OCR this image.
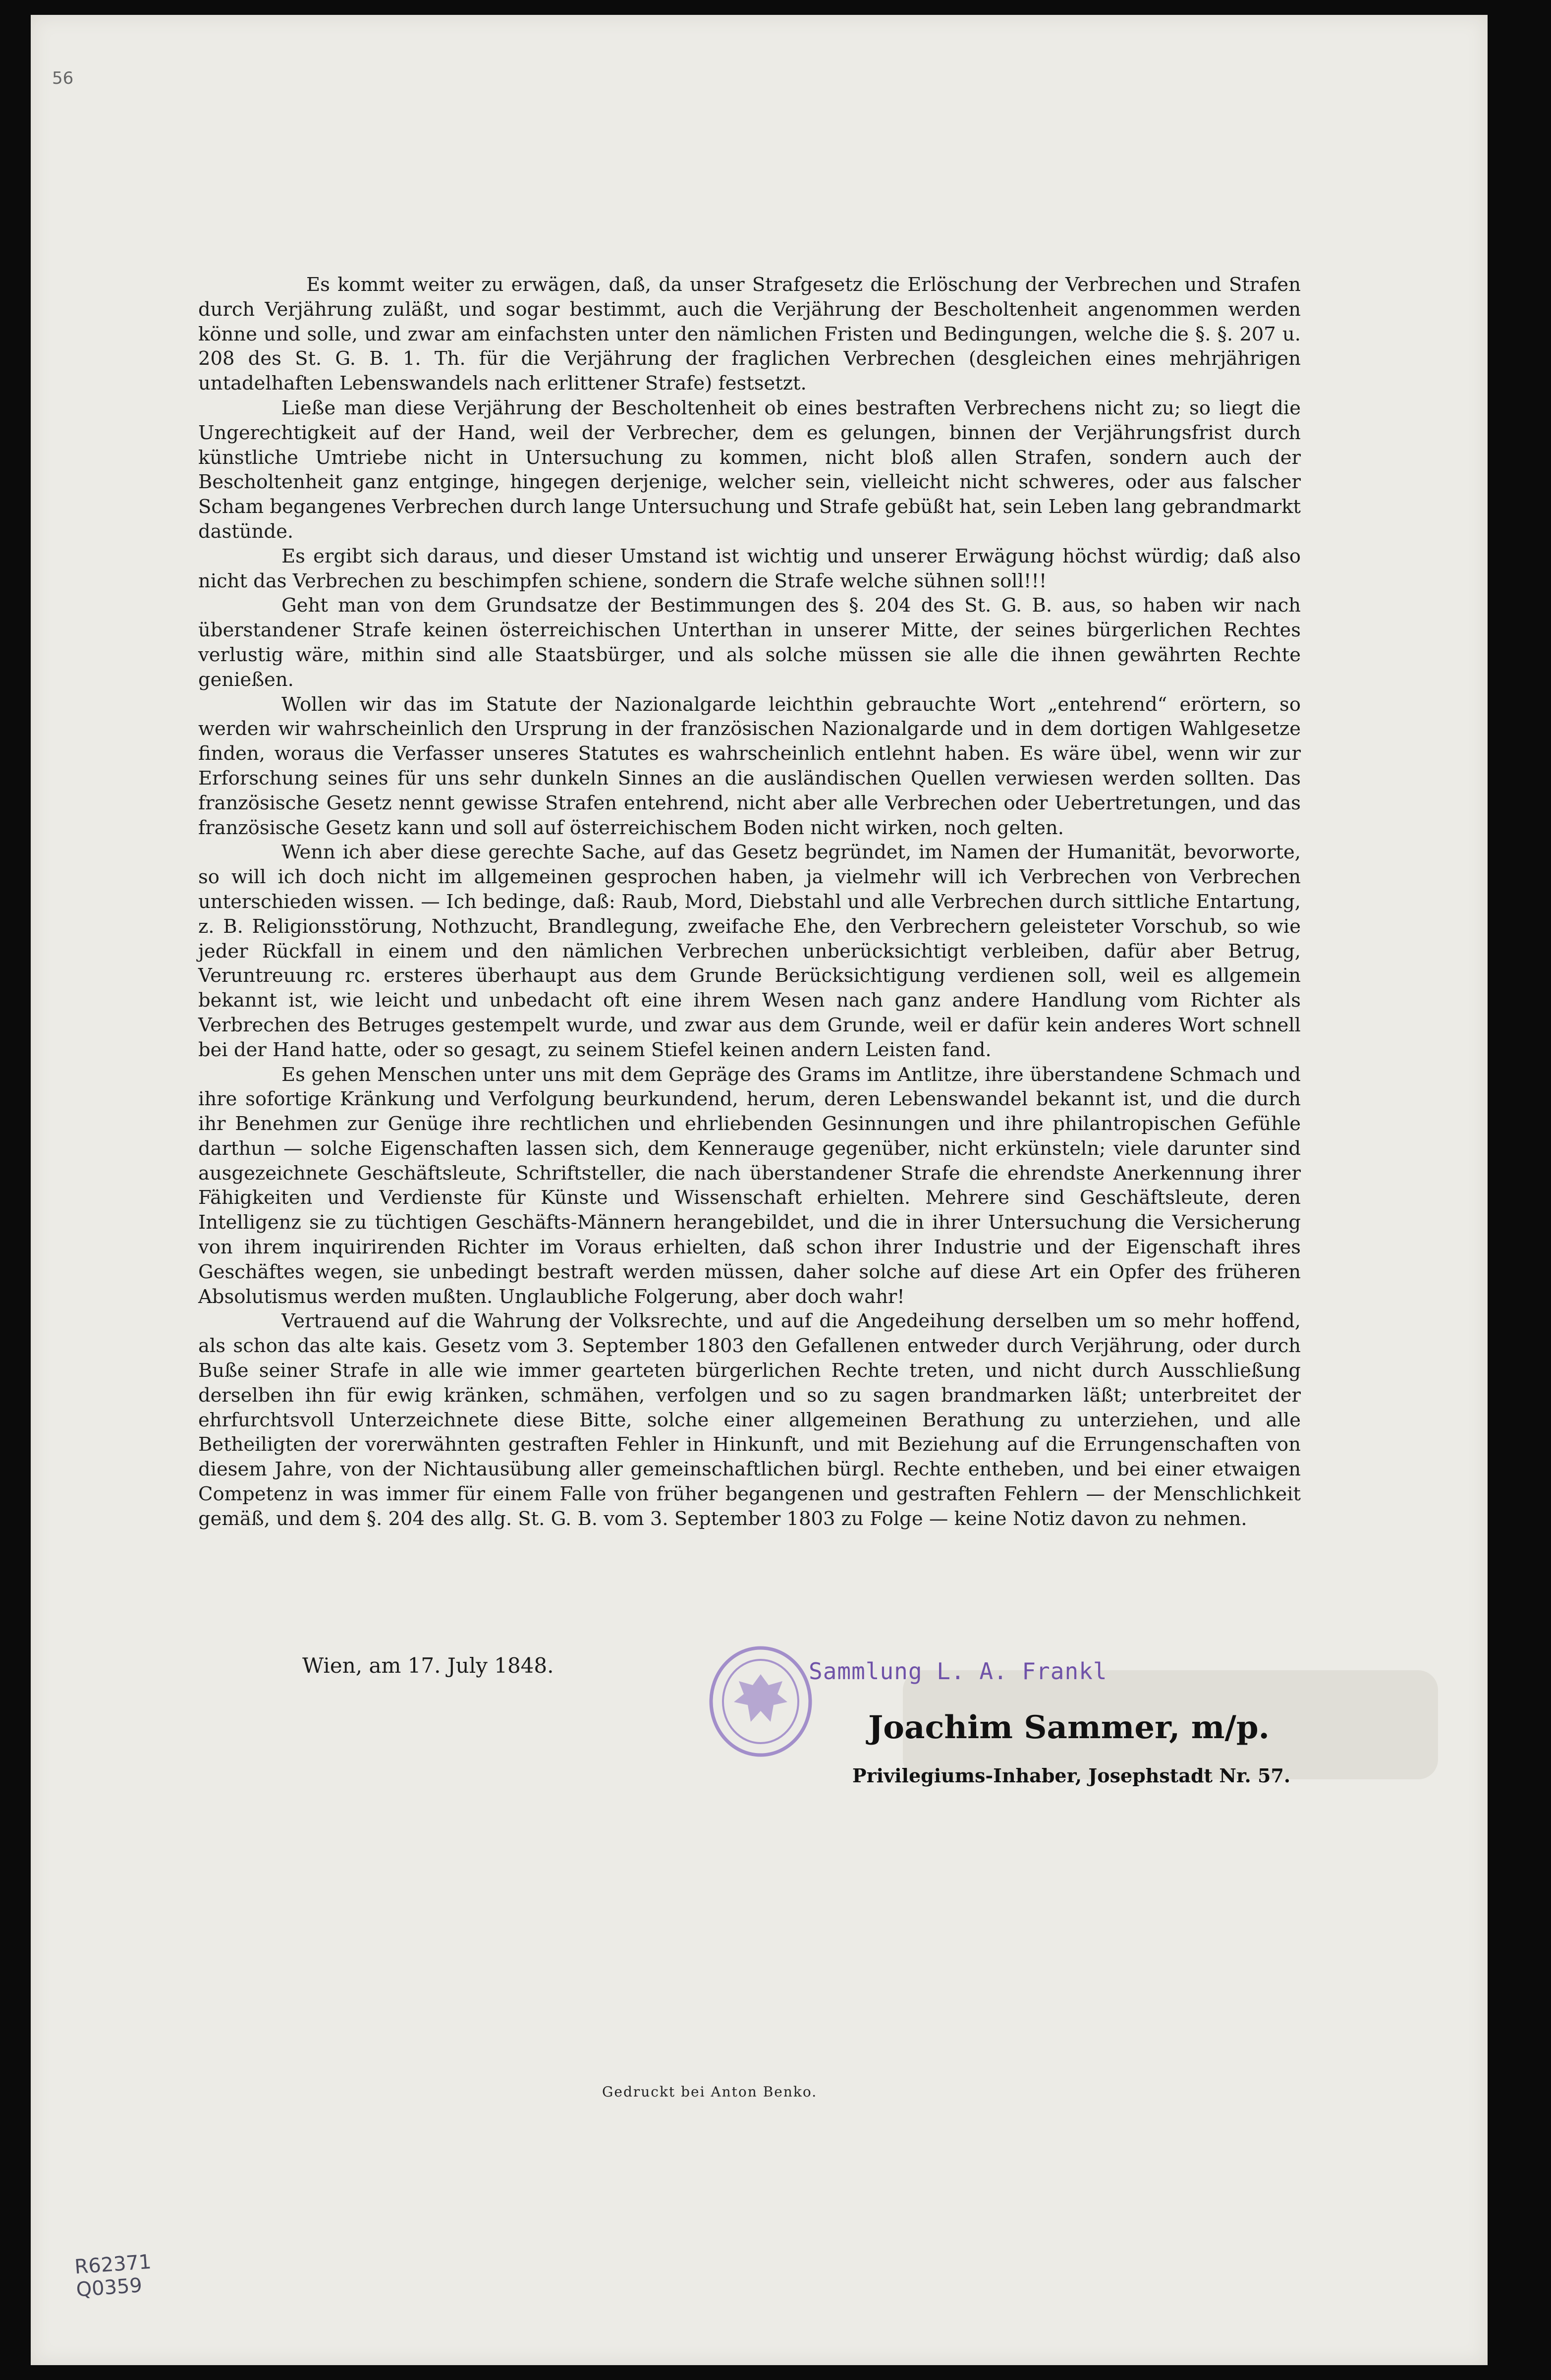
56

Es kommt weiter zu erwägen, daß, da unser Strafgesetz die Erlöschung der Verbrechen und Strafen durch Verjährung zuläßt, und sogar bestimmt, auch die Verjährung der Bescholtenheit angenommen werden könne und solle, und zwar am einfachsten unter den nämlichen Fristen und Bedingungen, welche die §. §. 207 u. 208 des St. G. B. 1. Th. für die Verjährung der fraglichen Verbrechen (desgleichen eines mehrjährigen untadelhaften Lebenswandels nach erlittener Strafe) festsetzt.

Ließe man diese Verjährung der Bescholtenheit ob eines bestraften Verbrechens nicht zu; so liegt die Ungerechtigkeit auf der Hand, weil der Verbrecher, dem es gelungen, binnen der Verjährungsfrist durch künstliche Umtriebe nicht in Untersuchung zu kommen, nicht bloß allen Strafen, sondern auch der Bescholtenheit ganz entginge, hingegen derjenige, welcher sein, vielleicht nicht schweres, oder aus falscher Scham begangenes Verbrechen durch lange Untersuchung und Strafe gebüßt hat, sein Leben lang gebrandmarkt dastünde.

Es ergibt sich daraus, und dieser Umstand ist wichtig und unserer Erwägung höchst würdig; daß also nicht das Verbrechen zu beschimpfen schiene, sondern die Strafe welche sühnen soll!!!

Geht man von dem Grundsatze der Bestimmungen des §. 204 des St. G. B. aus, so haben wir nach überstandener Strafe keinen österreichischen Unterthan in unserer Mitte, der seines bürgerlichen Rechtes verlustig wäre, mithin sind alle Staatsbürger, und als solche müssen sie alle die ihnen gewährten Rechte genießen.

Wollen wir das im Statute der Nazionalgarde leichthin gebrauchte Wort „entehrend“ erörtern, so werden wir wahrscheinlich den Ursprung in der französischen Nazionalgarde und in dem dortigen Wahlgesetze finden, woraus die Verfasser unseres Statutes es wahrscheinlich entlehnt haben. Es wäre übel, wenn wir zur Erforschung seines für uns sehr dunkeln Sinnes an die ausländischen Quellen verwiesen werden sollten. Das französische Gesetz nennt gewisse Strafen entehrend, nicht aber alle Verbrechen oder Uebertretungen, und das französische Gesetz kann und soll auf österreichischem Boden nicht wirken, noch gelten.

Wenn ich aber diese gerechte Sache, auf das Gesetz begründet, im Namen der Humanität, bevorworte, so will ich doch nicht im allgemeinen gesprochen haben, ja vielmehr will ich Verbrechen von Verbrechen unterschieden wissen. — Ich bedinge, daß: Raub, Mord, Diebstahl und alle Verbrechen durch sittliche Entartung, z. B. Religionsstörung, Nothzucht, Brandlegung, zweifache Ehe, den Verbrechern geleisteter Vorschub, so wie jeder Rückfall in einem und den nämlichen Verbrechen unberücksichtigt verbleiben, dafür aber Betrug, Veruntreuung rc. ersteres überhaupt aus dem Grunde Berücksichtigung verdienen soll, weil es allgemein bekannt ist, wie leicht und unbedacht oft eine ihrem Wesen nach ganz andere Handlung vom Richter als Verbrechen des Betruges gestempelt wurde, und zwar aus dem Grunde, weil er dafür kein anderes Wort schnell bei der Hand hatte, oder so gesagt, zu seinem Stiefel keinen andern Leisten fand.

Es gehen Menschen unter uns mit dem Gepräge des Grams im Antlitze, ihre überstandene Schmach und ihre sofortige Kränkung und Verfolgung beurkundend, herum, deren Lebenswandel bekannt ist, und die durch ihr Benehmen zur Genüge ihre rechtlichen und ehrliebenden Gesinnungen und ihre philantropischen Gefühle darthun — solche Eigenschaften lassen sich, dem Kennerauge gegenüber, nicht erkünsteln; viele darunter sind ausgezeichnete Geschäftsleute, Schriftsteller, die nach überstandener Strafe die ehrendste Anerkennung ihrer Fähigkeiten und Verdienste für Künste und Wissenschaft erhielten. Mehrere sind Geschäftsleute, deren Intelligenz sie zu tüchtigen Geschäfts-Männern herangebildet, und die in ihrer Untersuchung die Versicherung von ihrem inquirirenden Richter im Voraus erhielten, daß schon ihrer Industrie und der Eigenschaft ihres Geschäftes wegen, sie unbedingt bestraft werden müssen, daher solche auf diese Art ein Opfer des früheren Absolutismus werden mußten. Unglaubliche Folgerung, aber doch wahr!

Vertrauend auf die Wahrung der Volksrechte, und auf die Angedeihung derselben um so mehr hoffend, als schon das alte kais. Gesetz vom 3. September 1803 den Gefallenen entweder durch Verjährung, oder durch Buße seiner Strafe in alle wie immer gearteten bürgerlichen Rechte treten, und nicht durch Ausschließung derselben ihn für ewig kränken, schmähen, verfolgen und so zu sagen brandmarken läßt; unterbreitet der ehrfurchtsvoll Unterzeichnete diese Bitte, solche einer allgemeinen Berathung zu unterziehen, und alle Betheiligten der vorerwähnten gestraften Fehler in Hinkunft, und mit Beziehung auf die Errungenschaften von diesem Jahre, von der Nichtausübung aller gemeinschaftlichen bürgl. Rechte entheben, und bei einer etwaigen Competenz in was immer für einem Falle von früher begangenen und gestraften Fehlern — der Menschlichkeit gemäß, und dem §. 204 des allg. St. G. B. vom 3. September 1803 zu Folge — keine Notiz davon zu nehmen.

Wien, am 17. July 1848.	Sammlung L. A. Frankl
Joachim Sammer, m/p.
Privilegiums-Inhaber, Josephstadt Nr. 57.
Gedruckt bei Anton Benko.
R62371
Q0359
